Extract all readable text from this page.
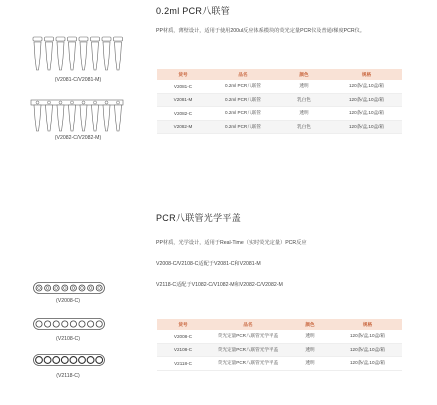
0.2ml PCR八联管
PP材质，薄壁设计，适用于使用200ul反应体系模块的荧光定量PCR仪及普通/梯度PCR仪。
(V2081-C/V2081-M)
(V2082-C/V2082-M)
货号	品名	颜色	规格
V2081-C	0.2ml PCR八联管	透明	120条/盒,10盒/箱
V2081-M	0.2ml PCR八联管	乳白色	120条/盒,10盒/箱
V2082-C	0.2ml PCR八联管	透明	120条/盒,10盒/箱
V2082-M	0.2ml PCR八联管	乳白色	120条/盒,10盒/箱
PCR八联管光学平盖
PP材质，光学设计，适用于Real-Time（实时荧光定量）PCR反应
V2008-C/V2108-C适配于V2081-C和V2081-M
V2118-C适配于V1082-C/V1082-M和V2082-C/V2082-M
(V2008-C)
(V2108-C)
(V2118-C)
货号	品名	颜色	规格
V2008-C	荧光定量PCR八联管光学平盖	透明	120条/盒,10盒/箱
V2108-C	荧光定量PCR八联管光学平盖	透明	120条/盒,10盒/箱
V2118-C	荧光定量PCR八联管光学平盖	透明	120条/盒,10盒/箱
